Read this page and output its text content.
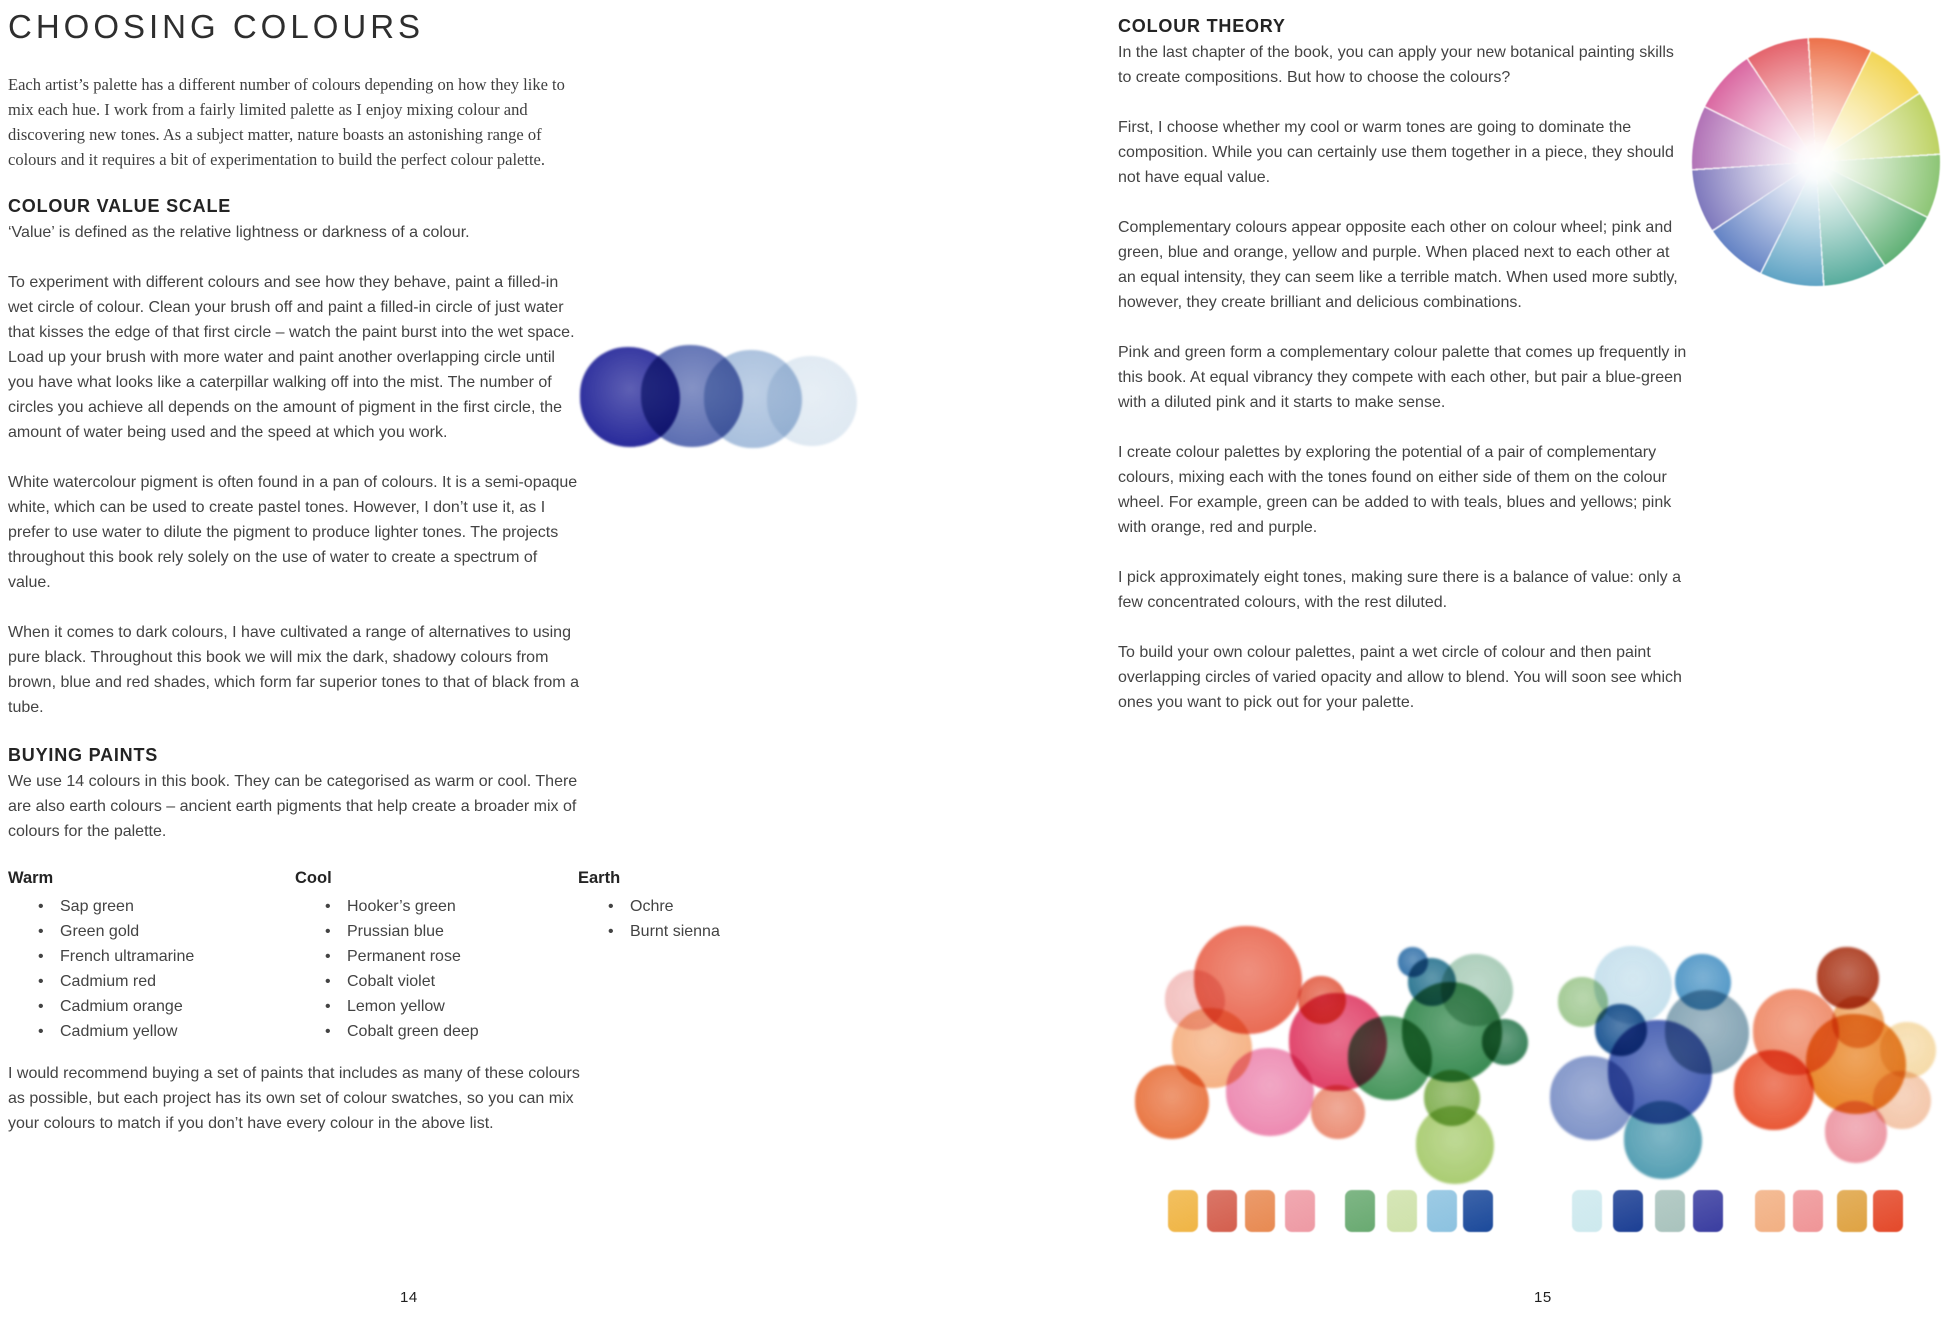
CHOOSING COLOURS

Each artist’s palette has a different number of colours depending on how they like to mix each hue. I work from a fairly limited palette as I enjoy mixing colour and discovering new tones. As a subject matter, nature boasts an astonishing range of colours and it requires a bit of experimentation to build the perfect colour palette.

COLOUR VALUE SCALE

‘Value’ is defined as the relative lightness or darkness of a colour.

To experiment with different colours and see how they behave, paint a filled-in wet circle of colour. Clean your brush off and paint a filled-in circle of just water that kisses the edge of that first circle – watch the paint burst into the wet space. Load up your brush with more water and paint another overlapping circle until you have what looks like a caterpillar walking off into the mist. The number of circles you achieve all depends on the amount of pigment in the first circle, the amount of water being used and the speed at which you work.

White watercolour pigment is often found in a pan of colours. It is a semi-opaque white, which can be used to create pastel tones. However, I don’t use it, as I prefer to use water to dilute the pigment to produce lighter tones. The projects throughout this book rely solely on the use of water to create a spectrum of value.

When it comes to dark colours, I have cultivated a range of alternatives to using pure black. Throughout this book we will mix the dark, shadowy colours from brown, blue and red shades, which form far superior tones to that of black from a tube.

BUYING PAINTS

We use 14 colours in this book. They can be categorised as warm or cool. There are also earth colours – ancient earth pigments that help create a broader mix of colours for the palette.

Warm
• Sap green
• Green gold
• French ultramarine
• Cadmium red
• Cadmium orange
• Cadmium yellow
Cool
• Hooker’s green
• Prussian blue
• Permanent rose
• Cobalt violet
• Lemon yellow
• Cobalt green deep
Earth
• Ochre
• Burnt sienna

I would recommend buying a set of paints that includes as many of these colours as possible, but each project has its own set of colour swatches, so you can mix your colours to match if you don’t have every colour in the above list.

COLOUR THEORY

In the last chapter of the book, you can apply your new botanical painting skills to create compositions. But how to choose the colours?

First, I choose whether my cool or warm tones are going to dominate the composition. While you can certainly use them together in a piece, they should not have equal value.

Complementary colours appear opposite each other on colour wheel; pink and green, blue and orange, yellow and purple. When placed next to each other at an equal intensity, they can seem like a terrible match. When used more subtly, however, they create brilliant and delicious combinations.

Pink and green form a complementary colour palette that comes up frequently in this book. At equal vibrancy they compete with each other, but pair a blue-green with a diluted pink and it starts to make sense.

I create colour palettes by exploring the potential of a pair of complementary colours, mixing each with the tones found on either side of them on the colour wheel. For example, green can be added to with teals, blues and yellows; pink with orange, red and purple.

I pick approximately eight tones, making sure there is a balance of value: only a few concentrated colours, with the rest diluted.

To build your own colour palettes, paint a wet circle of colour and then paint overlapping circles of varied opacity and allow to blend. You will soon see which ones you want to pick out for your palette.

14	15
